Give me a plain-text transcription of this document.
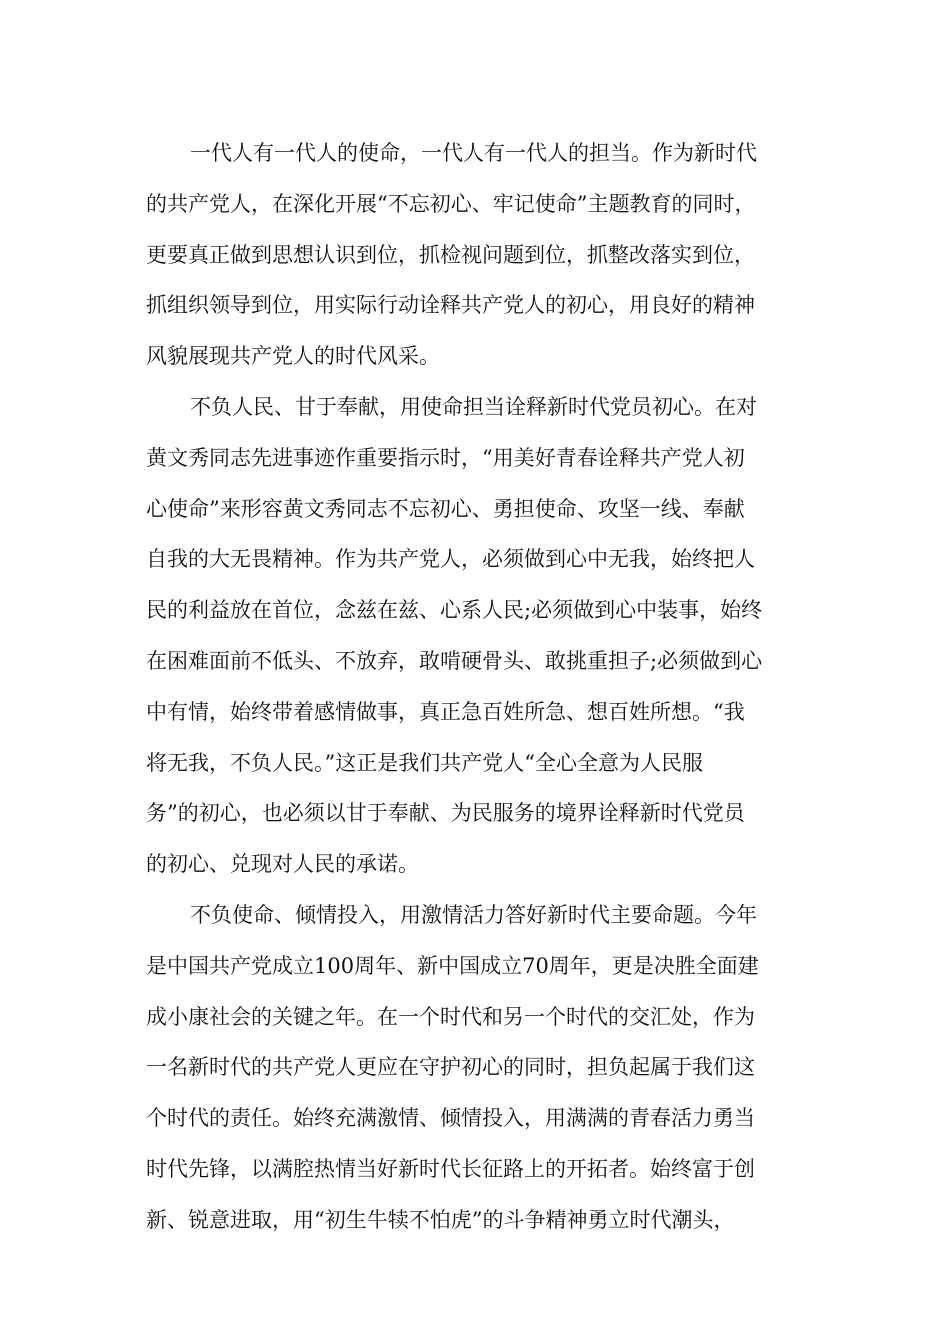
一代人有一代人的使命，一代人有一代人的担当。作为新时代
的共产党人，在深化开展“不忘初心、牢记使命”主题教育的同时，
更要真正做到思想认识到位，抓检视问题到位，抓整改落实到位，
抓组织领导到位，用实际行动诠释共产党人的初心，用良好的精神
风貌展现共产党人的时代风采。
不负人民、甘于奉献，用使命担当诠释新时代党员初心。在对
黄文秀同志先进事迹作重要指示时，“用美好青春诠释共产党人初
心使命”来形容黄文秀同志不忘初心、勇担使命、攻坚一线、奉献
自我的大无畏精神。作为共产党人，必须做到心中无我，始终把人
民的利益放在首位，念兹在兹、心系人民;必须做到心中装事，始终
在困难面前不低头、不放弃，敢啃硬骨头、敢挑重担子;必须做到心
中有情，始终带着感情做事，真正急百姓所急、想百姓所想。“我
将无我，不负人民。”这正是我们共产党人“全心全意为人民服
务”的初心，也必须以甘于奉献、为民服务的境界诠释新时代党员
的初心、兑现对人民的承诺。
不负使命、倾情投入，用激情活力答好新时代主要命题。今年
是中国共产党成立100周年、新中国成立70周年，更是决胜全面建
成小康社会的关键之年。在一个时代和另一个时代的交汇处，作为
一名新时代的共产党人更应在守护初心的同时，担负起属于我们这
个时代的责任。始终充满激情、倾情投入，用满满的青春活力勇当
时代先锋，以满腔热情当好新时代长征路上的开拓者。始终富于创
新、锐意进取，用“初生牛犊不怕虎”的斗争精神勇立时代潮头，
